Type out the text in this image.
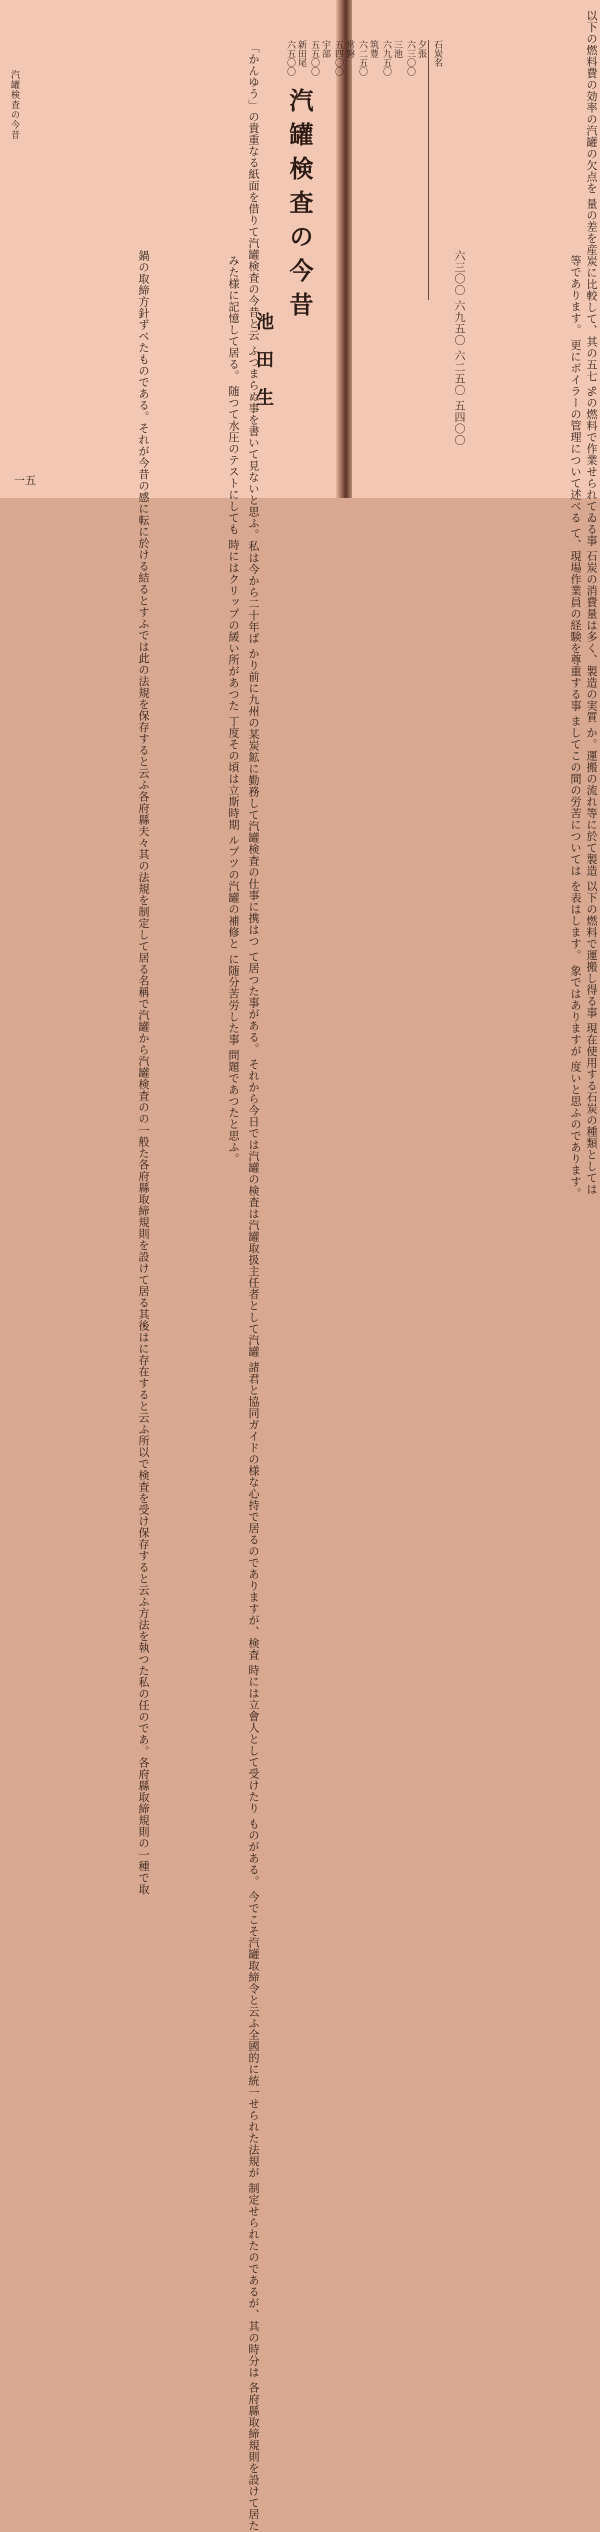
汽罐検査の今昔
一五	鍋の取締方針ずベたものである。それが今昔の感に転に於ける
結るとすふでは此の法規を保存すると云ふ
各府縣夫々其の法規を制定して居る
名稱で汽罐から汽罐検査のの一般た
各府縣取締規則を設けて居る其後は
に存在すると云ふ所以で検査を受け
保存すると云ふ方法を執つた私の任
のであ。各府縣取締規則の一種で取
「かんゆう」の貴重なる紙面を借りて汽罐検査の今昔と云 ふつまらぬ事を書いて見ないと思ふ。私は今から二十年ば かり前に九州の某炭鉱に勤務して汽罐検査の仕事に携はつ て居つた事がある。 それから今日では汽罐の検査は汽罐取扱主任者として汽罐 諸君と協同ガイドの様な心持で居るのでありますが、検査 時には立會人として受けたり ものがある。 今でこそ汽罐取締令と云ふ全國的に統一せられた法規が 制定せられたのであるが、其の時分は 各府縣取締規則を設けて居た
みた様に記憶して居る。 随つて水圧のテストにしても 時にはクリップの緩い所があつた 丁度その頃は立斯時期 ルプツの汽罐の補修と に随分苦労した事 問題であつたと思ふ。
汽罐検査の今昔
池田生
以下の燃料費の効率の汽罐の欠点を 量の差を産炭に比較して、其の五七 %の燃料で作業せられてゐる事 石炭の消費量は多く、製造の実質 か。運搬の流れ等に於て製造 以下の燃料で運搬し得る事 現在使用する石炭の種類としては
等であります。 更にボイラーの管理について述べる て、現場作業員の経験を尊重する事 ましてこの間の労苦については を表はします。 象ではありますが 度いと思ふのであります。
六三〇〇 六九五〇 六二五〇 五四〇〇
石炭名
夕張
六三〇〇
三池
六九五〇
筑豊
六二五〇
常磐
五四〇〇
宇部
五五〇〇
新田尾
六五〇〇
